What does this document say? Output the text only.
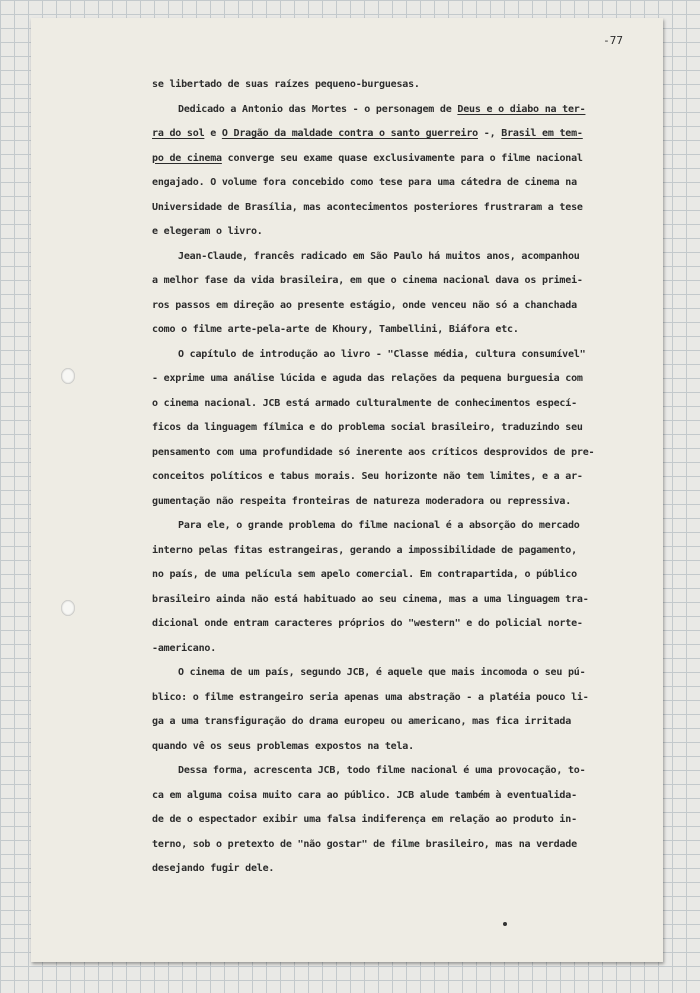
-77
se libertado de suas raízes pequeno-burguesas.
Dedicado a Antonio das Mortes - o personagem de Deus e o diabo na ter-
ra do sol e O Dragão da maldade contra o santo guerreiro -, Brasil em tem-
po de cinema converge seu exame quase exclusivamente para o filme nacional
engajado. O volume fora concebido como tese para uma cátedra de cinema na
Universidade de Brasília, mas acontecimentos posteriores frustraram a tese
e elegeram o livro.
Jean-Claude, francês radicado em São Paulo há muitos anos, acompanhou
a melhor fase da vida brasileira, em que o cinema nacional dava os primei-
ros passos em direção ao presente estágio, onde venceu não só a chanchada
como o filme arte-pela-arte de Khoury, Tambellini, Biáfora etc.
O capítulo de introdução ao livro - "Classe média, cultura consumível"
- exprime uma análise lúcida e aguda das relações da pequena burguesia com
o cinema nacional. JCB está armado culturalmente de conhecimentos especí-
ficos da linguagem fílmica e do problema social brasileiro, traduzindo seu
pensamento com uma profundidade só inerente aos críticos desprovidos de pre-
conceitos políticos e tabus morais. Seu horizonte não tem limites, e a ar-
gumentação não respeita fronteiras de natureza moderadora ou repressiva.
Para ele, o grande problema do filme nacional é a absorção do mercado
interno pelas fitas estrangeiras, gerando a impossibilidade de pagamento,
no país, de uma película sem apelo comercial. Em contrapartida, o público
brasileiro ainda não está habituado ao seu cinema, mas a uma linguagem tra-
dicional onde entram caracteres próprios do "western" e do policial norte-
-americano.
O cinema de um país, segundo JCB, é aquele que mais incomoda o seu pú-
blico: o filme estrangeiro seria apenas uma abstração - a platéia pouco li-
ga a uma transfiguração do drama europeu ou americano, mas fica irritada
quando vê os seus problemas expostos na tela.
Dessa forma, acrescenta JCB, todo filme nacional é uma provocação, to-
ca em alguma coisa muito cara ao público. JCB alude também à eventualida-
de de o espectador exibir uma falsa indiferença em relação ao produto in-
terno, sob o pretexto de "não gostar" de filme brasileiro, mas na verdade
desejando fugir dele.
